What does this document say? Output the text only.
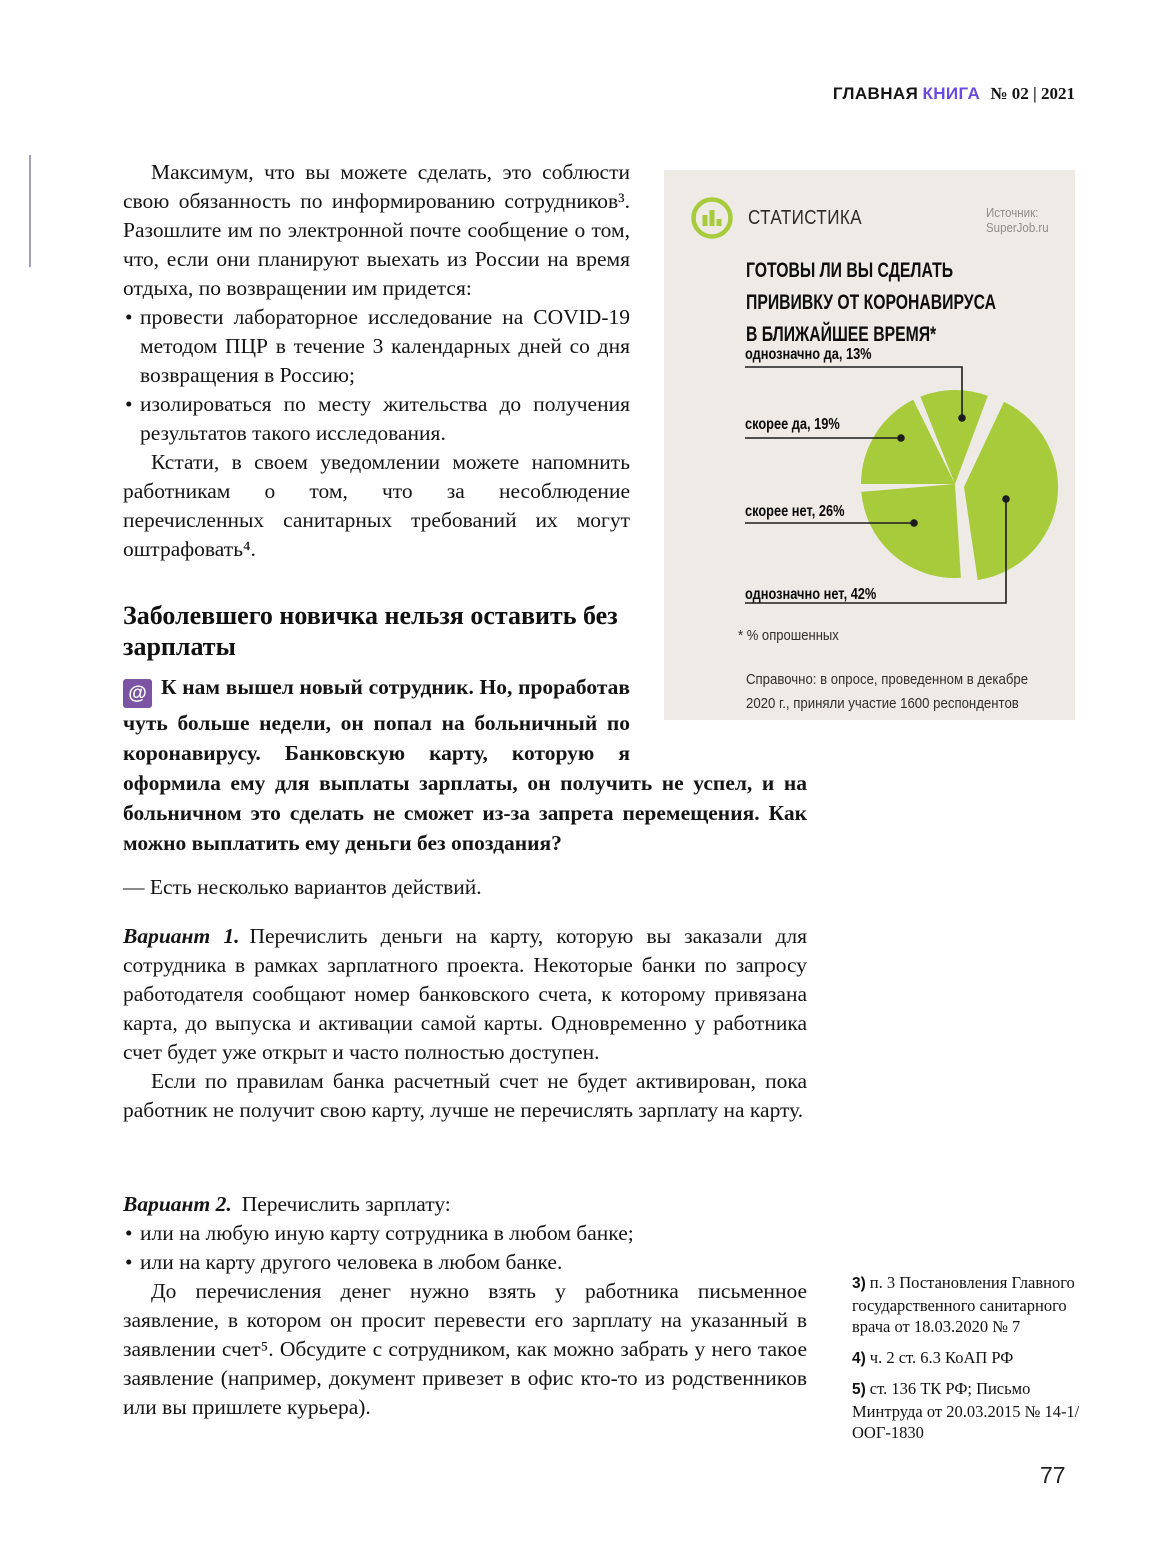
ГЛАВНАЯ КНИГА № 02 | 2021

Максимум, что вы можете сделать, это соблюсти свою обязанность по информированию сотрудников³. Разошлите им по электронной почте сообщение о том, что, если они планируют выехать из России на время отдыха, по возвращении им придется:

• провести лабораторное исследование на COVID-19 методом ПЦР в течение 3 календарных дней со дня возвращения в Россию;
• изолироваться по месту жительства до получения результатов такого исследования.

Кстати, в своем уведомлении можете напомнить работникам о том, что за несоблюдение перечисленных санитарных требований их могут оштрафовать⁴.

Заболевшего новичка нельзя оставить без зарплаты

@ К нам вышел новый сотрудник. Но, проработав чуть больше недели, он попал на больничный по коронавирусу. Банковскую карту, которую я оформила ему для выплаты зарплаты, он получить не успел, и на больничном это сделать не сможет из-за запрета перемещения. Как можно выплатить ему деньги без опоздания?

— Есть несколько вариантов действий.

Вариант 1. Перечислить деньги на карту, которую вы заказали для сотрудника в рамках зарплатного проекта. Некоторые банки по запросу работодателя сообщают номер банковского счета, к которому привязана карта, до выпуска и активации самой карты. Одновременно у работника счет будет уже открыт и часто полностью доступен.

Если по правилам банка расчетный счет не будет активирован, пока работник не получит свою карту, лучше не перечислять зарплату на карту.

Вариант 2. Перечислить зарплату:

• или на любую иную карту сотрудника в любом банке;
• или на карту другого человека в любом банке.

До перечисления денег нужно взять у работника письменное заявление, в котором он просит перевести его зарплату на указанный в заявлении счет⁵. Обсудите с сотрудником, как можно забрать у него такое заявление (например, документ привезет в офис кто-то из родственников или вы пришлете курьера).

СТАТИСТИКА	Источник:
SuperJob.ru
ГОТОВЫ ЛИ ВЫ СДЕЛАТЬ
ПРИВИВКУ ОТ КОРОНАВИРУСА
В БЛИЖАЙШЕЕ ВРЕМЯ*
однозначно да, 13%
скорее да, 19%
скорее нет, 26%
однозначно нет, 42%
* % опрошенных
Справочно: в опросе, проведенном в декабре 2020 г., приняли участие 1600 респондентов

3) п. 3 Постановления Главного государственного санитарного врача от 18.03.2020 № 7

4) ч. 2 ст. 6.3 КоАП РФ

5) ст. 136 ТК РФ; Письмо Минтруда от 20.03.2015 № 14-1/ООГ-1830

77
